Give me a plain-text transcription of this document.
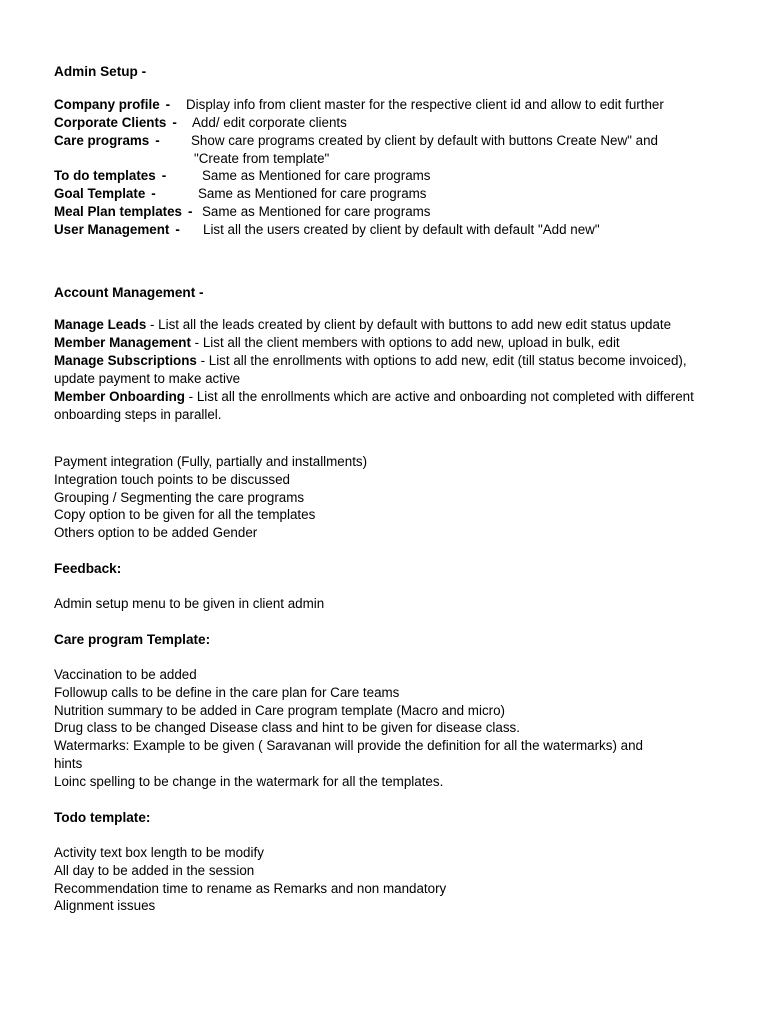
Admin Setup -
Company profile - Display info from client master for the respective client id and allow to edit further
Corporate Clients - Add/ edit corporate clients
Care programs - Show care programs created by client by default with buttons Create New" and
"Create from template"
To do templates -	Same as Mentioned for care programs
Goal Template -	Same as Mentioned for care programs
Meal Plan templates - Same as Mentioned for care programs
User Management - List all the users created by client by default with default "Add new"
Account Management -
Manage Leads - List all the leads created by client by default with buttons to add new edit status update
Member Management - List all the client members with options to add new, upload in bulk, edit
Manage Subscriptions - List all the enrollments with options to add new, edit (till status become invoiced), update payment to make active
Member Onboarding - List all the enrollments which are active and onboarding not completed with different onboarding steps in parallel.
Payment integration (Fully, partially and installments)
Integration touch points to be discussed
Grouping / Segmenting the care programs
Copy option to be given for all the templates
Others option to be added Gender
Feedback:
Admin setup menu to be given in client admin
Care program Template:
Vaccination to be added
Followup calls to be define in the care plan for Care teams
Nutrition summary to be added in Care program template (Macro and micro)
Drug class to be changed Disease class and hint to be given for disease class.
Watermarks: Example to be given ( Saravanan will provide the definition for all the watermarks) and
hints
Loinc spelling to be change in the watermark for all the templates.
Todo template:
Activity text box length to be modify
All day to be added in the session
Recommendation time to rename as Remarks and non mandatory
Alignment issues
